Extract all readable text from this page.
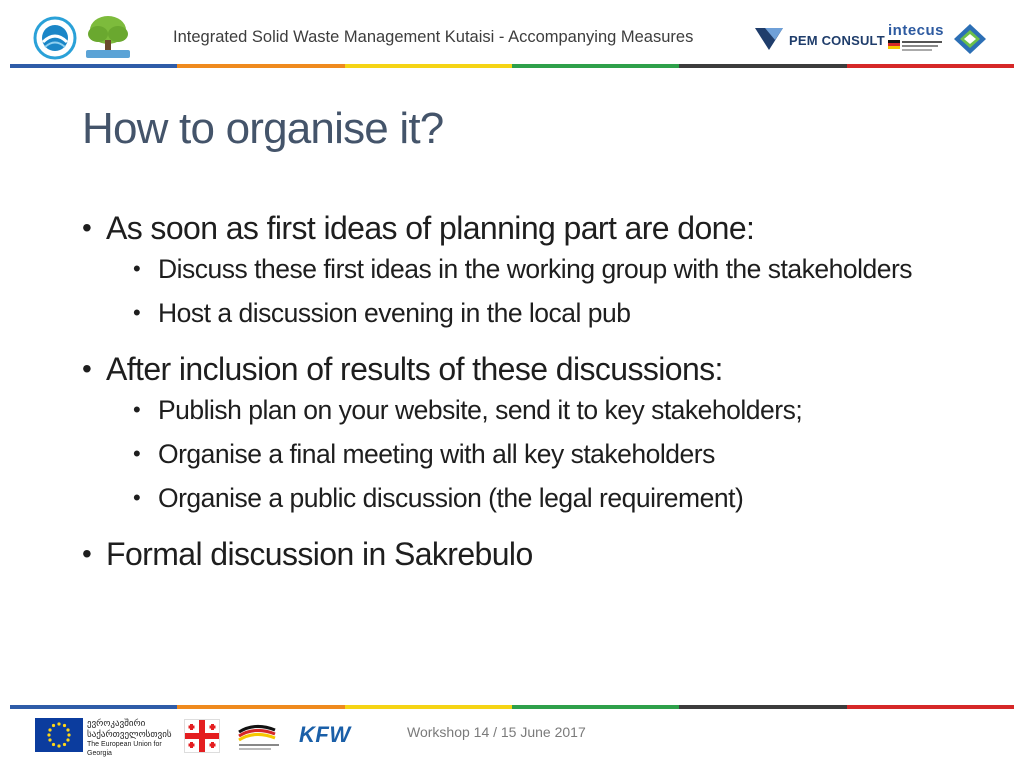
Integrated Solid Waste Management Kutaisi - Accompanying Measures	PEM CONSULT
intecus
How to organise it?
• As soon as first ideas of planning part are done:
• Discuss these first ideas in the working group with the stakeholders
• Host a discussion evening in the local pub
• After inclusion of results of these discussions:
• Publish plan on your website, send it to key stakeholders;
• Organise a final meeting with all key stakeholders
• Organise a public discussion (the legal requirement)
• Formal discussion in Sakrebulo
ევროკავშირი
საქართველოსთვის
The European Union for Georgia
KFW	Workshop 14 / 15 June 2017
